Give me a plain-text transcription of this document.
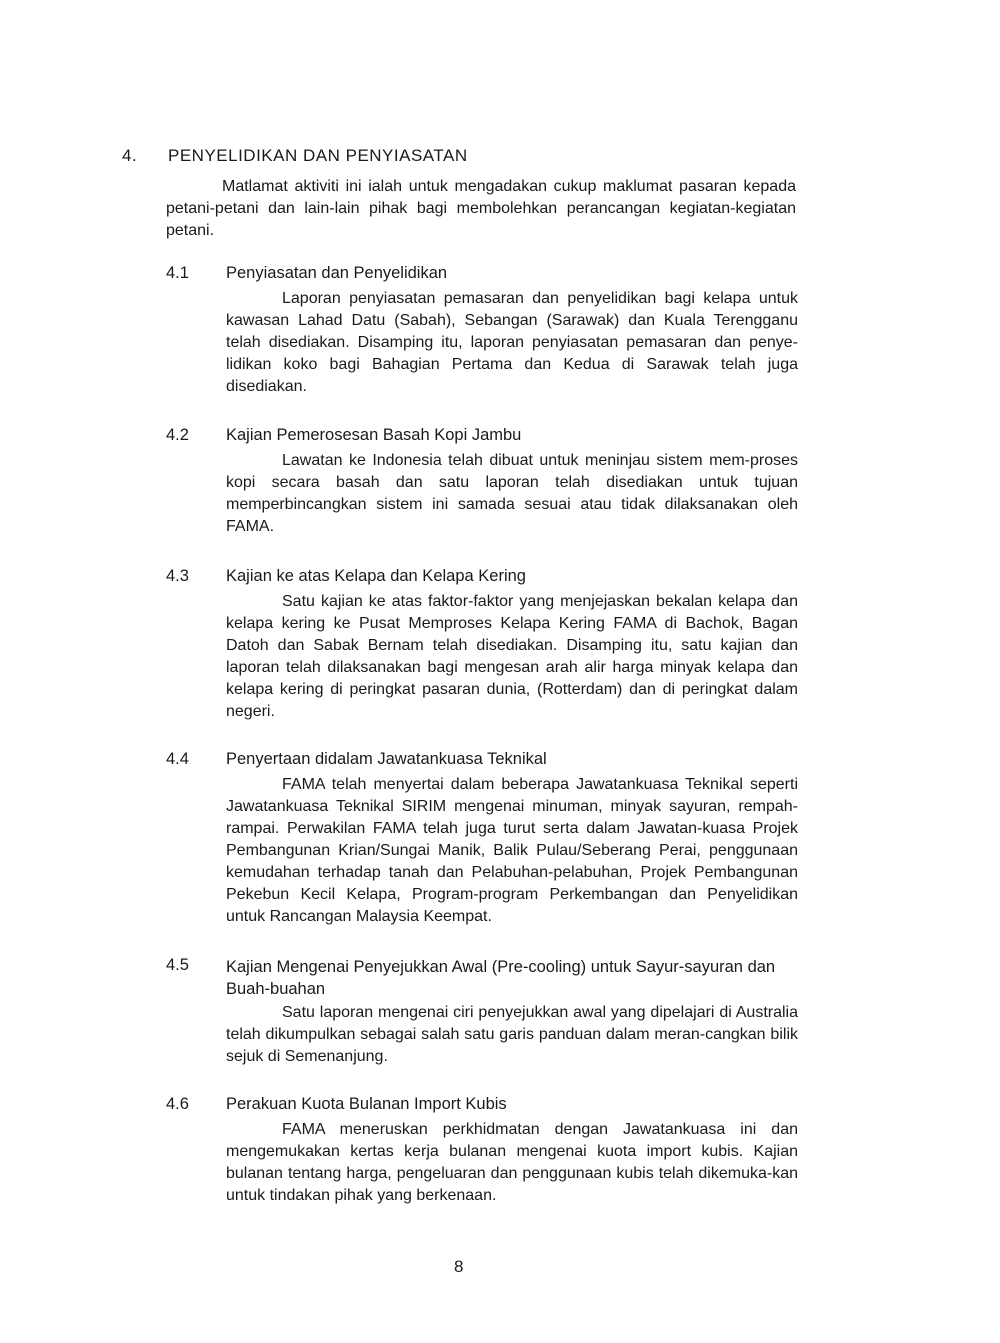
4. PENYELIDIKAN DAN PENYIASATAN

Matlamat aktiviti ini ialah untuk mengadakan cukup maklumat pasaran kepada petani-petani dan lain-lain pihak bagi membolehkan perancangan kegiatan-kegiatan petani.

4.1 Penyiasatan dan Penyelidikan

Laporan penyiasatan pemasaran dan penyelidikan bagi kelapa untuk kawasan Lahad Datu (Sabah), Sebangan (Sarawak) dan Kuala Terengganu telah disediakan. Disamping itu, laporan penyiasatan pemasaran dan penye-lidikan koko bagi Bahagian Pertama dan Kedua di Sarawak telah juga disediakan.

4.2 Kajian Pemerosesan Basah Kopi Jambu

Lawatan ke Indonesia telah dibuat untuk meninjau sistem mem-proses kopi secara basah dan satu laporan telah disediakan untuk tujuan memperbincangkan sistem ini samada sesuai atau tidak dilaksanakan oleh FAMA.

4.3 Kajian ke atas Kelapa dan Kelapa Kering

Satu kajian ke atas faktor-faktor yang menjejaskan bekalan kelapa dan kelapa kering ke Pusat Memproses Kelapa Kering FAMA di Bachok, Bagan Datoh dan Sabak Bernam telah disediakan. Disamping itu, satu kajian dan laporan telah dilaksanakan bagi mengesan arah alir harga minyak kelapa dan kelapa kering di peringkat pasaran dunia, (Rotterdam) dan di peringkat dalam negeri.

4.4 Penyertaan didalam Jawatankuasa Teknikal

FAMA telah menyertai dalam beberapa Jawatankuasa Teknikal seperti Jawatankuasa Teknikal SIRIM mengenai minuman, minyak sayuran, rempah-rampai. Perwakilan FAMA telah juga turut serta dalam Jawatan-kuasa Projek Pembangunan Krian/Sungai Manik, Balik Pulau/Seberang Perai, penggunaan kemudahan terhadap tanah dan Pelabuhan-pelabuhan, Projek Pembangunan Pekebun Kecil Kelapa, Program-program Perkembangan dan Penyelidikan untuk Rancangan Malaysia Keempat.

4.5 Kajian Mengenai Penyejukkan Awal (Pre-cooling) untuk Sayur-sayuran dan Buah-buahan

Satu laporan mengenai ciri penyejukkan awal yang dipelajari di Australia telah dikumpulkan sebagai salah satu garis panduan dalam meran-cangkan bilik sejuk di Semenanjung.

4.6 Perakuan Kuota Bulanan Import Kubis

FAMA meneruskan perkhidmatan dengan Jawatankuasa ini dan mengemukakan kertas kerja bulanan mengenai kuota import kubis. Kajian bulanan tentang harga, pengeluaran dan penggunaan kubis telah dikemuka-kan untuk tindakan pihak yang berkenaan.

8
